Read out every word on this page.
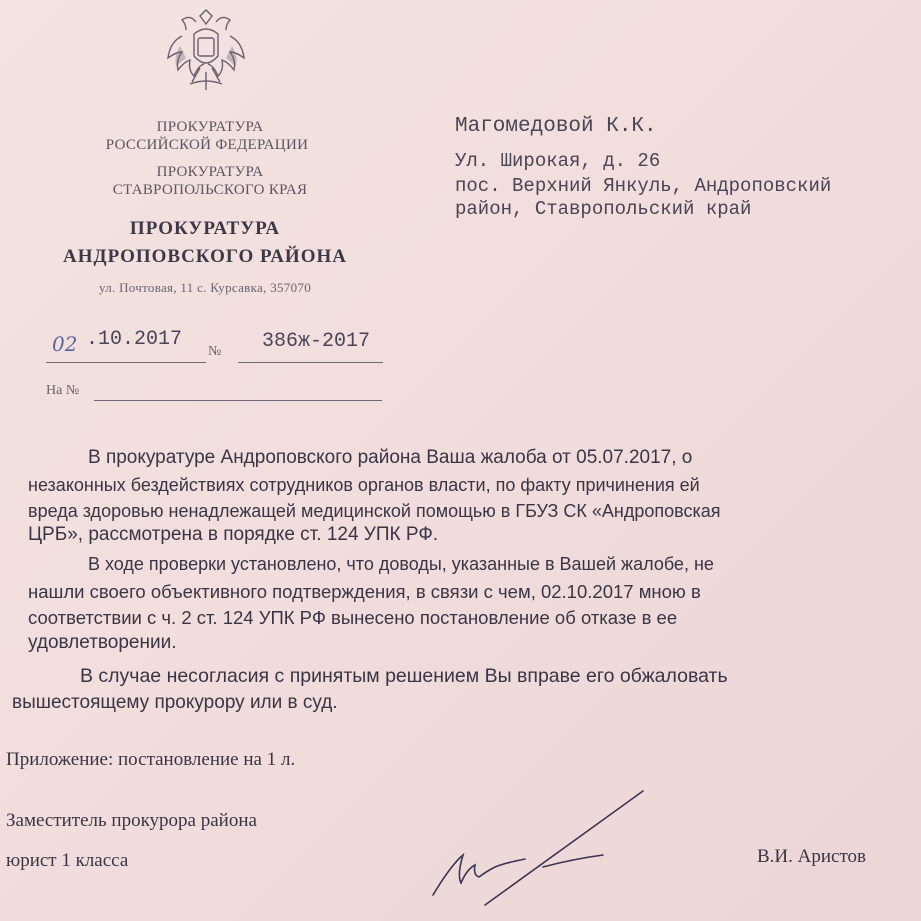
ПРОКУРАТУРА
РОССИЙСКОЙ ФЕДЕРАЦИИ
ПРОКУРАТУРА
СТАВРОПОЛЬСКОГО КРАЯ
ПРОКУРАТУРА
АНДРОПОВСКОГО РАЙОНА
ул. Почтовая, 11 с. Курсавка, 357070
02 .10.2017
№ 386ж-2017
На №
Магомедовой К.К.
Ул. Широкая, д. 26
пос. Верхний Янкуль, Андроповский
район, Ставропольский край
В прокуратуре Андроповского района Ваша жалоба от 05.07.2017, о
незаконных бездействиях сотрудников органов власти, по факту причинения ей
вреда здоровью ненадлежащей медицинской помощью в ГБУЗ СК «Андроповская
ЦРБ», рассмотрена в порядке ст. 124 УПК РФ.
В ходе проверки установлено, что доводы, указанные в Вашей жалобе, не
нашли своего объективного подтверждения, в связи с чем, 02.10.2017 мною в
соответствии с ч. 2 ст. 124 УПК РФ вынесено постановление об отказе в ее
удовлетворении.
В случае несогласия с принятым решением Вы вправе его обжаловать
вышестоящему прокурору или в суд.
Приложение: постановление на 1 л.
Заместитель прокурора района
юрист 1 класса	В.И. Аристов
